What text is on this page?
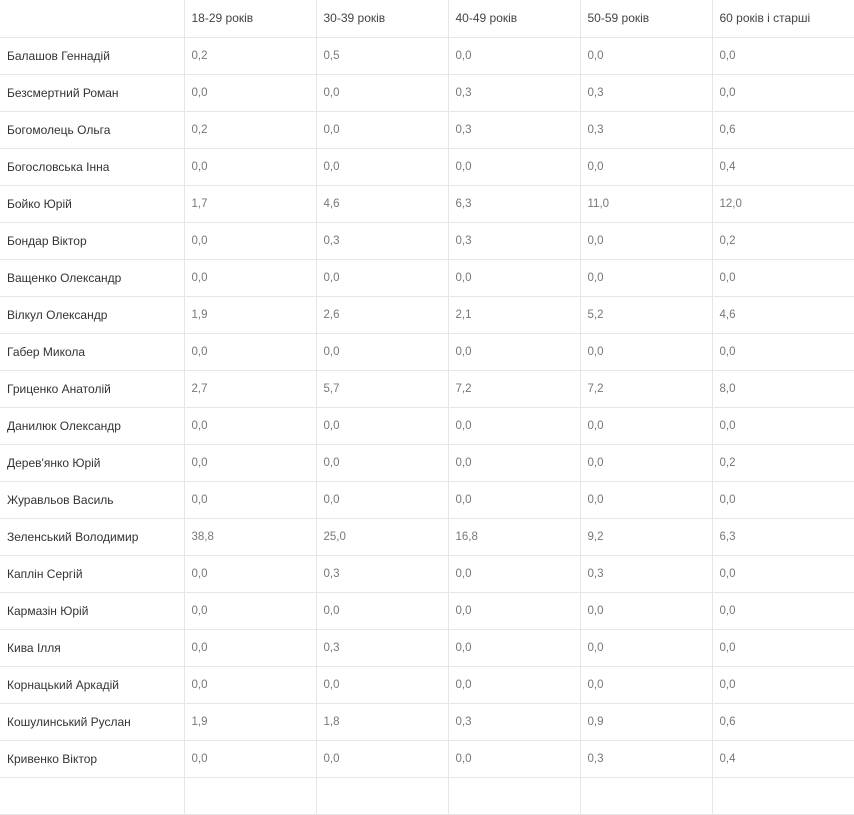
	18-29 років	30-39 років	40-49 років	50-59 років	60 років і старші
Балашов Геннадій	0,2	0,5	0,0	0,0	0,0
Безсмертний Роман	0,0	0,0	0,3	0,3	0,0
Богомолець Ольга	0,2	0,0	0,3	0,3	0,6
Богословська Інна	0,0	0,0	0,0	0,0	0,4
Бойко Юрій	1,7	4,6	6,3	11,0	12,0
Бондар Віктор	0,0	0,3	0,3	0,0	0,2
Ващенко Олександр	0,0	0,0	0,0	0,0	0,0
Вілкул Олександр	1,9	2,6	2,1	5,2	4,6
Габер Микола	0,0	0,0	0,0	0,0	0,0
Гриценко Анатолій	2,7	5,7	7,2	7,2	8,0
Данилюк Олександр	0,0	0,0	0,0	0,0	0,0
Дерев'янко Юрій	0,0	0,0	0,0	0,0	0,2
Журавльов Василь	0,0	0,0	0,0	0,0	0,0
Зеленський Володимир	38,8	25,0	16,8	9,2	6,3
Каплін Сергій	0,0	0,3	0,0	0,3	0,0
Кармазін Юрій	0,0	0,0	0,0	0,0	0,0
Кива Ілля	0,0	0,3	0,0	0,0	0,0
Корнацький Аркадій	0,0	0,0	0,0	0,0	0,0
Кошулинський Руслан	1,9	1,8	0,3	0,9	0,6
Кривенко Віктор	0,0	0,0	0,0	0,3	0,4
